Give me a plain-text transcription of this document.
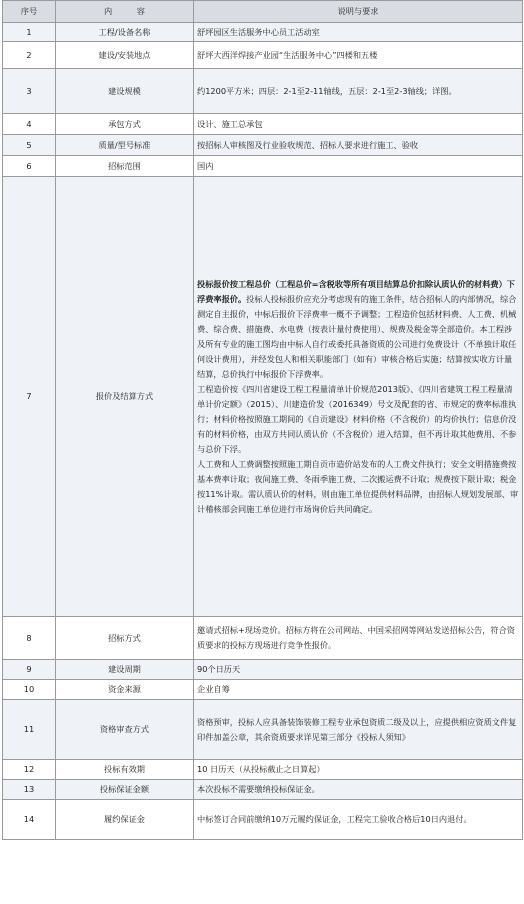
序号	内　　　容	说明与要求
1	工程/设备名称	舒坪园区生活服务中心员工活动室
2	建设/安装地点	舒坪大西洋焊接产业园“生活服务中心”四楼和五楼
3	建设规模	约1200平方米；四层：2-1至2-11轴线，五层：2-1至2-3轴线；详图。
4	承包方式	设计、施工总承包
5	质量/型号标准	按招标人审核图及行业验收规范、招标人要求进行施工、验收
6	招标范围	国内
7	报价及结算方式	投标报价按工程总价（工程总价=含税收等所有项目结算总价扣除认质认价的材料费）下浮费率报价。投标人投标报价应充分考虑现有的施工条件，结合招标人的内部情况，综合测定自主报价，中标后报价下浮费率一概不予调整；工程造价包括材料费、人工费、机械费、综合费、措施费、水电费（按表计量付费使用）、规费及税金等全部造价。本工程涉及所有专业的施工图均由中标人自行或委托具备资质的公司进行免费设计（不单独计取任何设计费用），并经发包人和相关职能部门（如有）审核合格后实施；结算按实收方计量结算，总价执行中标报价下浮费率。
工程造价按《四川省建设工程工程量清单计价规范2013版》、《四川省建筑工程工程量清单计价定额》（2015）、川建造价发（2016349）号文及配套的省、市规定的费率标准执行；材料价格按照施工期间的《自贡建设》材料价格（不含税价）的均价执行；信息价没有的材料价格，由双方共同认质认价（不含税价）进入结算，但不再计取其他费用、不参与总价下浮。
人工费和人工费调整按照施工期自贡市造价站发布的人工费文件执行；安全文明措施费按基本费率计取；夜间施工费、冬雨季施工费、二次搬运费不计取；规费按下限计取；税金按11%计取。需认质认价的材料，则由施工单位提供材料品牌，由招标人规划发展部、审计稽核部会同施工单位进行市场询价后共同确定。

8	招标方式	邀请式招标+现场竞价。招标方将在公司网站、中国采招网等网站发送招标公告，符合资质要求的投标方现场进行竞争性报价。
9	建设周期	90个日历天
10	资金来源	企业自筹
11	资格审查方式	资格预审，投标人应具备装饰装修工程专业承包资质二级及以上，应提供相应资质文件复印件加盖公章，其余资质要求详见第三部分《投标人须知》
12	投标有效期	10 日历天（从投标截止之日算起）
13	投标保证金额	本次投标不需要缴纳投标保证金。
14	履约保证金	中标签订合同前缴纳10万元履约保证金，工程完工验收合格后10日内退付。
